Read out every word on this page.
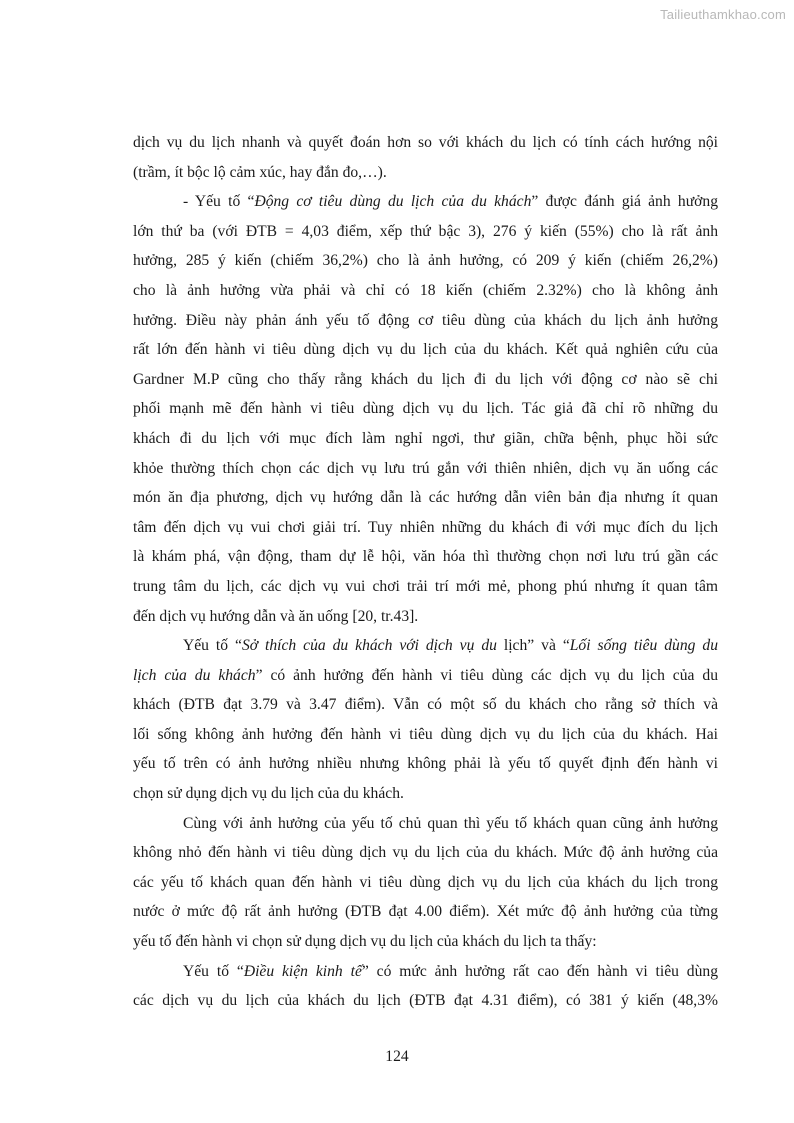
Tailieuthamkhao.com
dịch vụ du lịch nhanh và quyết đoán hơn so với khách du lịch có tính cách hướng nội
(trầm, ít bộc lộ cảm xúc, hay đắn đo,…).
- Yếu tố “Động cơ tiêu dùng du lịch của du khách” được đánh giá ảnh hưởng
lớn thứ ba (với ĐTB = 4,03 điểm, xếp thứ bậc 3), 276 ý kiến (55%) cho là rất ảnh
hưởng, 285 ý kiến (chiếm 36,2%) cho là ảnh hưởng, có 209 ý kiến (chiếm 26,2%)
cho là ảnh hưởng vừa phải và chỉ có 18 kiến (chiếm 2.32%) cho là không ảnh
hưởng. Điều này phản ánh yếu tố động cơ tiêu dùng của khách du lịch ảnh hưởng
rất lớn đến hành vi tiêu dùng dịch vụ du lịch của du khách. Kết quả nghiên cứu của
Gardner M.P cũng cho thấy rằng khách du lịch đi du lịch với động cơ nào sẽ chi
phối mạnh mẽ đến hành vi tiêu dùng dịch vụ du lịch. Tác giả đã chỉ rõ những du
khách đi du lịch với mục đích làm nghỉ ngơi, thư giãn, chữa bệnh, phục hồi sức
khỏe thường thích chọn các dịch vụ lưu trú gắn với thiên nhiên, dịch vụ ăn uống các
món ăn địa phương, dịch vụ hướng dẫn là các hướng dẫn viên bản địa nhưng ít quan
tâm đến dịch vụ vui chơi giải trí. Tuy nhiên những du khách đi với mục đích du lịch
là khám phá, vận động, tham dự lễ hội, văn hóa thì thường chọn nơi lưu trú gần các
trung tâm du lịch, các dịch vụ vui chơi trải trí mới mẻ, phong phú nhưng ít quan tâm
đến dịch vụ hướng dẫn và ăn uống [20, tr.43].
Yếu tố “Sở thích của du khách với dịch vụ du lịch” và “Lối sống tiêu dùng du
lịch của du khách” có ảnh hưởng đến hành vi tiêu dùng các dịch vụ du lịch của du
khách (ĐTB đạt 3.79 và 3.47 điểm). Vẫn có một số du khách cho rằng sở thích và
lối sống không ảnh hưởng đến hành vi tiêu dùng dịch vụ du lịch của du khách. Hai
yếu tố trên có ảnh hưởng nhiều nhưng không phải là yếu tố quyết định đến hành vi
chọn sử dụng dịch vụ du lịch của du khách.
Cùng với ảnh hưởng của yếu tố chủ quan thì yếu tố khách quan cũng ảnh hưởng
không nhỏ đến hành vi tiêu dùng dịch vụ du lịch của du khách. Mức độ ảnh hưởng của
các yếu tố khách quan đến hành vi tiêu dùng dịch vụ du lịch của khách du lịch trong
nước ở mức độ rất ảnh hưởng (ĐTB đạt 4.00 điểm). Xét mức độ ảnh hưởng của từng
yếu tố đến hành vi chọn sử dụng dịch vụ du lịch của khách du lịch ta thấy:
Yếu tố “Điều kiện kinh tế” có mức ảnh hưởng rất cao đến hành vi tiêu dùng
các dịch vụ du lịch của khách du lịch (ĐTB đạt 4.31 điểm), có 381 ý kiến (48,3%
124
